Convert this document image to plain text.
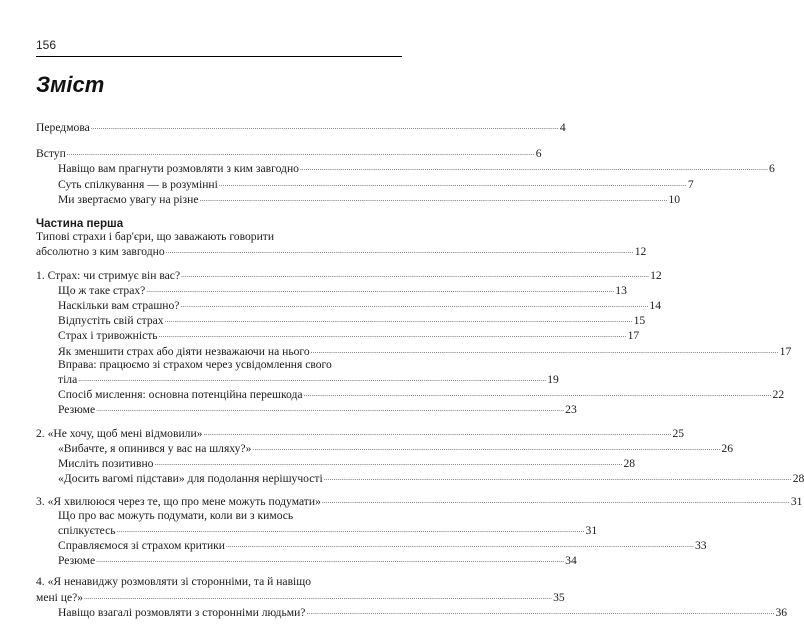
156
Зміст
Передмова .....	4
Вступ .....	6
Навіщо вам прагнути розмовляти з ким завгодно .....	6
Суть спілкування — в розумінні .....	7
Ми звертаємо увагу на різне .....	10
Частина перша
Типові страхи і бар'єри, що заважають говорити
абсолютно з ким завгодно .....	12
1. Страх: чи стримує він вас? .....	12
Що ж таке страх? .....	13
Наскільки вам страшно? .....	14
Відпустіть свій страх .....	15
Страх і тривожність .....	17
Як зменшити страх або діяти незважаючи на нього .....	17
Вправа: працюємо зі страхом через усвідомлення свого
тіла .....	19
Спосіб мислення: основна потенційна перешкода .....	22
Резюме .....	23
2. «Не хочу, щоб мені відмовили» .....	25
«Вибачте, я опинився у вас на шляху?» .....	26
Мисліть позитивно .....	28
«Досить вагомі підстави» для подолання нерішучості .....	28
3. «Я хвилююся через те, що про мене можуть подумати» .....	31
Що про вас можуть подумати, коли ви з кимось
спілкуєтесь .....	31
Справляємося зі страхом критики .....	33
Резюме .....	34
4. «Я ненавиджу розмовляти зі сторонніми, та й навіщо
мені це?» .....	35
Навіщо взагалі розмовляти з сторонніми людьми? .....	36
